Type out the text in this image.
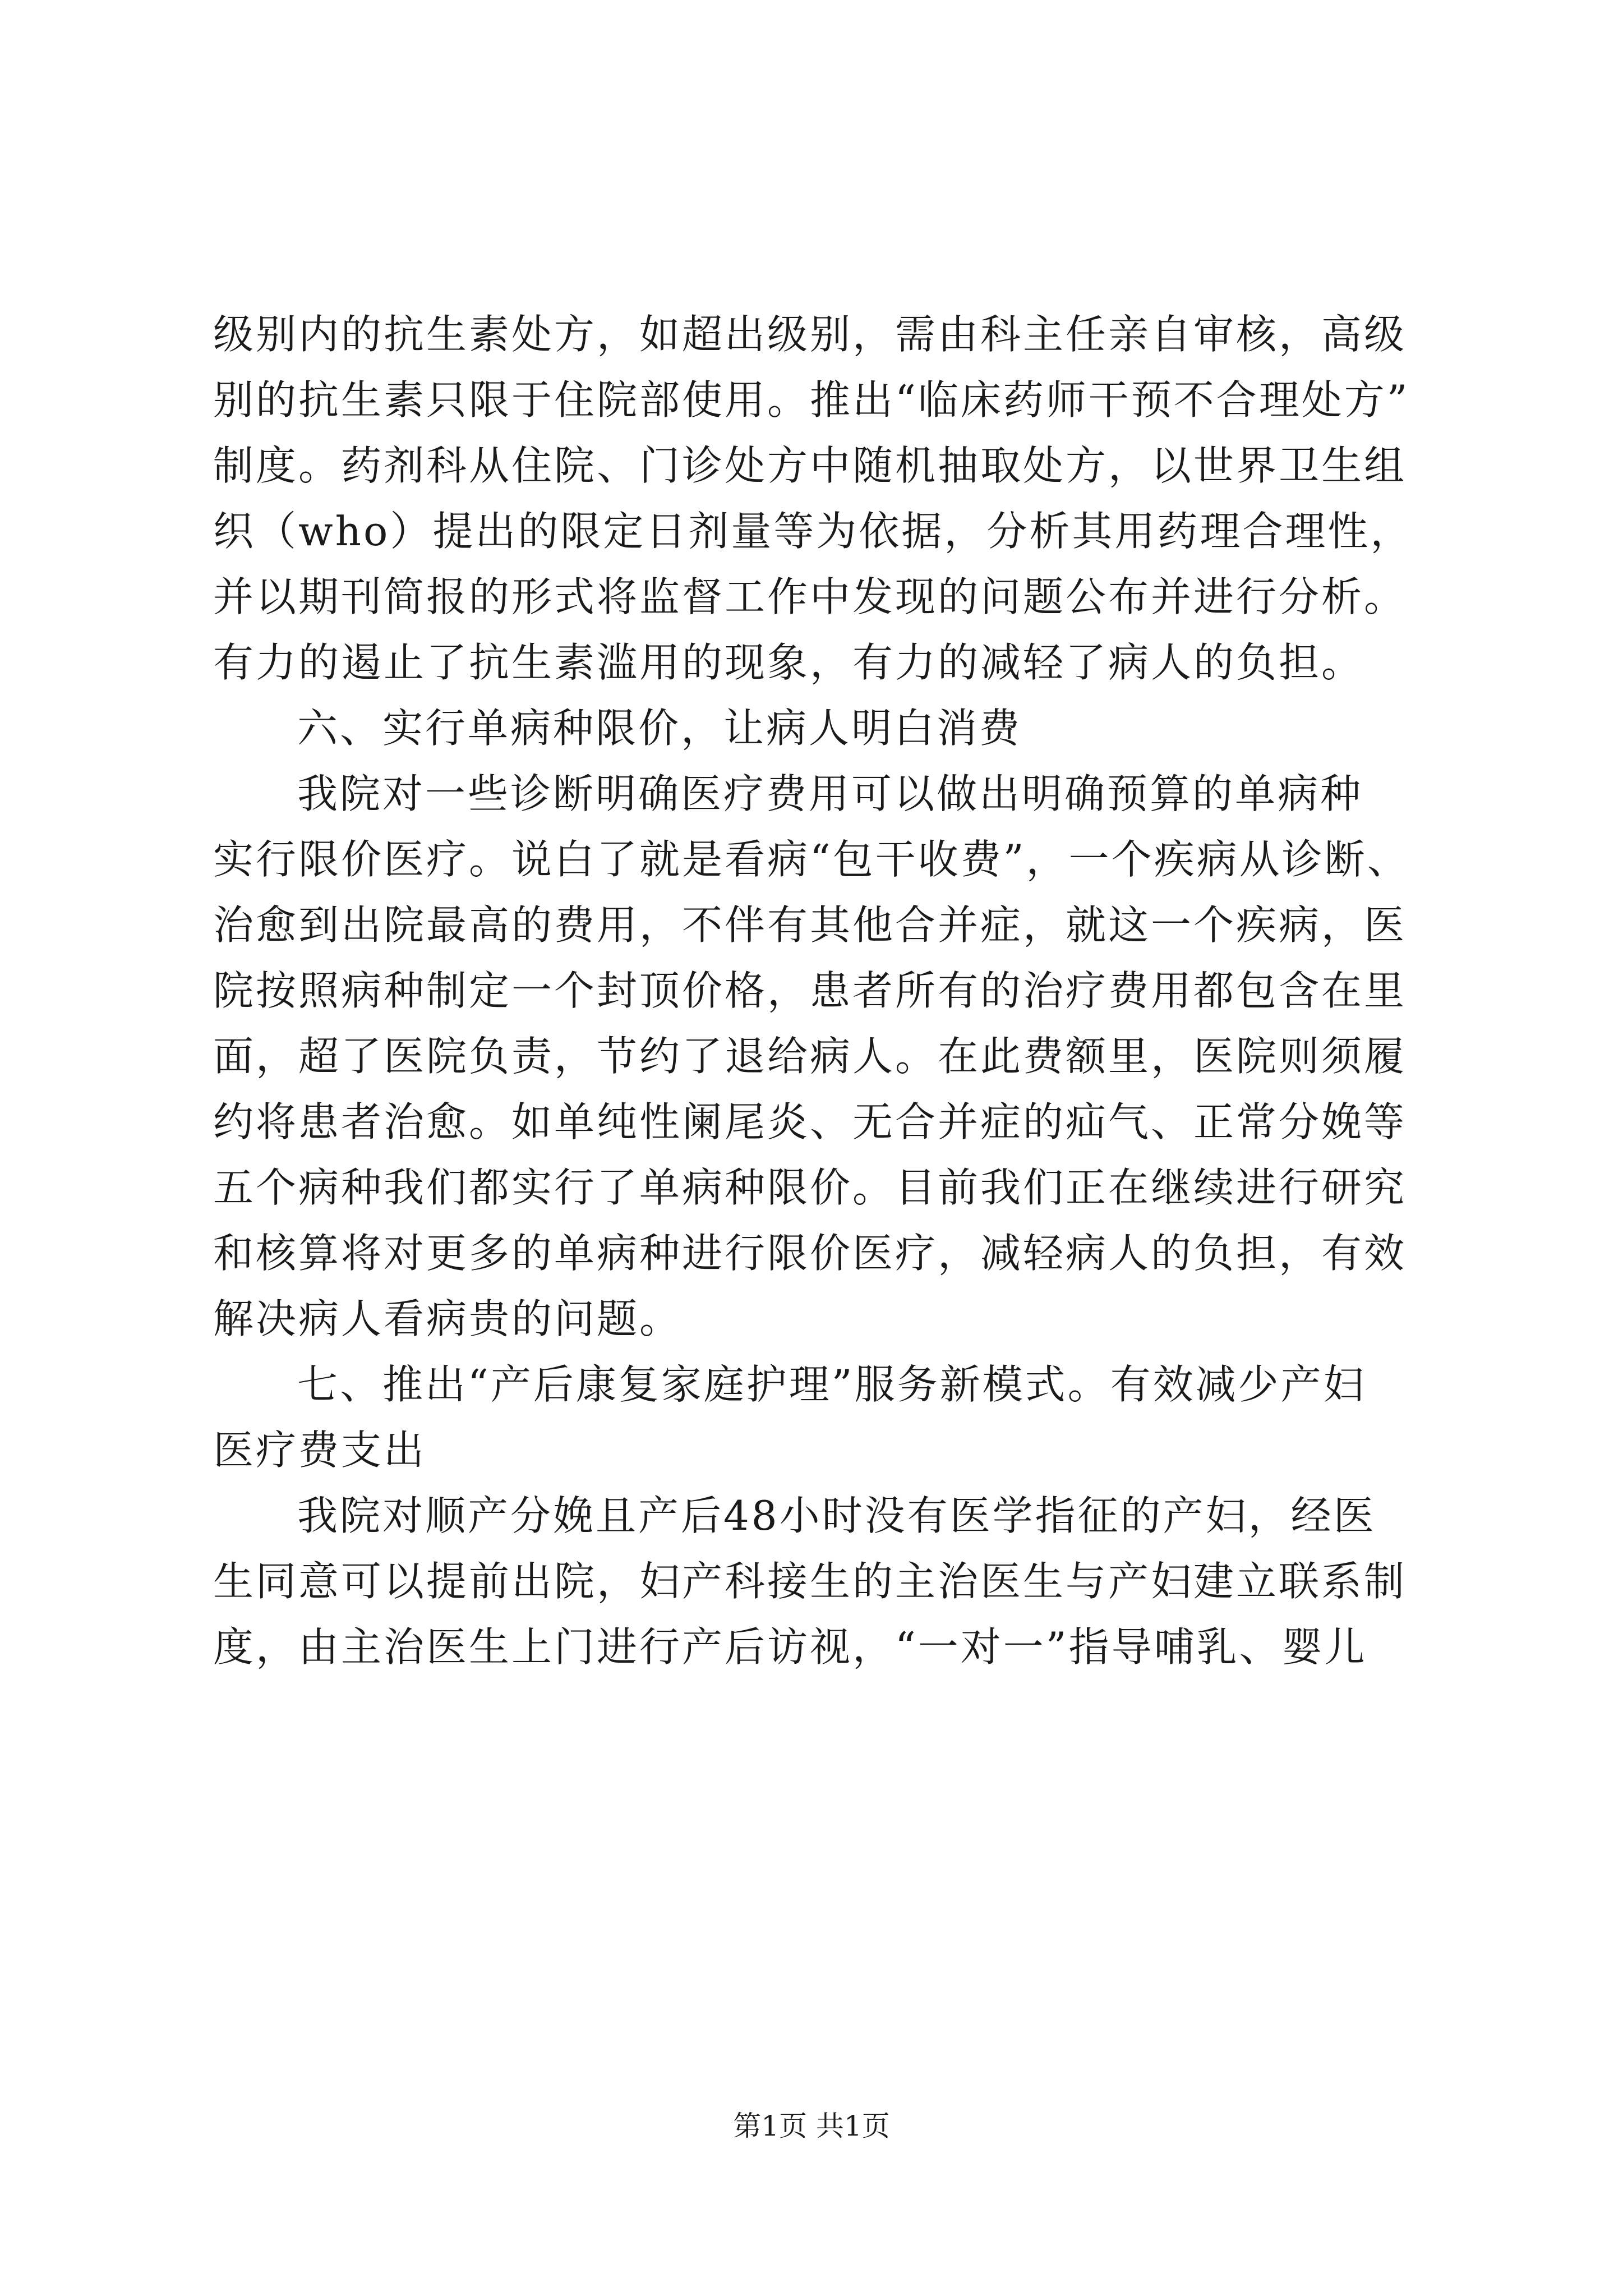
级别内的抗生素处方，如超出级别，需由科主任亲自审核，高级
别的抗生素只限于住院部使用。推出“临床药师干预不合理处方”
制度。药剂科从住院、门诊处方中随机抽取处方，以世界卫生组
织（who）提出的限定日剂量等为依据，分析其用药理合理性，
并以期刊简报的形式将监督工作中发现的问题公布并进行分析。
有力的遏止了抗生素滥用的现象，有力的减轻了病人的负担。
六、实行单病种限价，让病人明白消费
我院对一些诊断明确医疗费用可以做出明确预算的单病种
实行限价医疗。说白了就是看病“包干收费”，一个疾病从诊断、
治愈到出院最高的费用，不伴有其他合并症，就这一个疾病，医
院按照病种制定一个封顶价格，患者所有的治疗费用都包含在里
面，超了医院负责，节约了退给病人。在此费额里，医院则须履
约将患者治愈。如单纯性阑尾炎、无合并症的疝气、正常分娩等
五个病种我们都实行了单病种限价。目前我们正在继续进行研究
和核算将对更多的单病种进行限价医疗，减轻病人的负担，有效
解决病人看病贵的问题。
七、推出“产后康复家庭护理”服务新模式。有效减少产妇
医疗费支出
我院对顺产分娩且产后48小时没有医学指征的产妇，经医
生同意可以提前出院，妇产科接生的主治医生与产妇建立联系制
度，由主治医生上门进行产后访视，“一对一”指导哺乳、婴儿
第1页 共1页
